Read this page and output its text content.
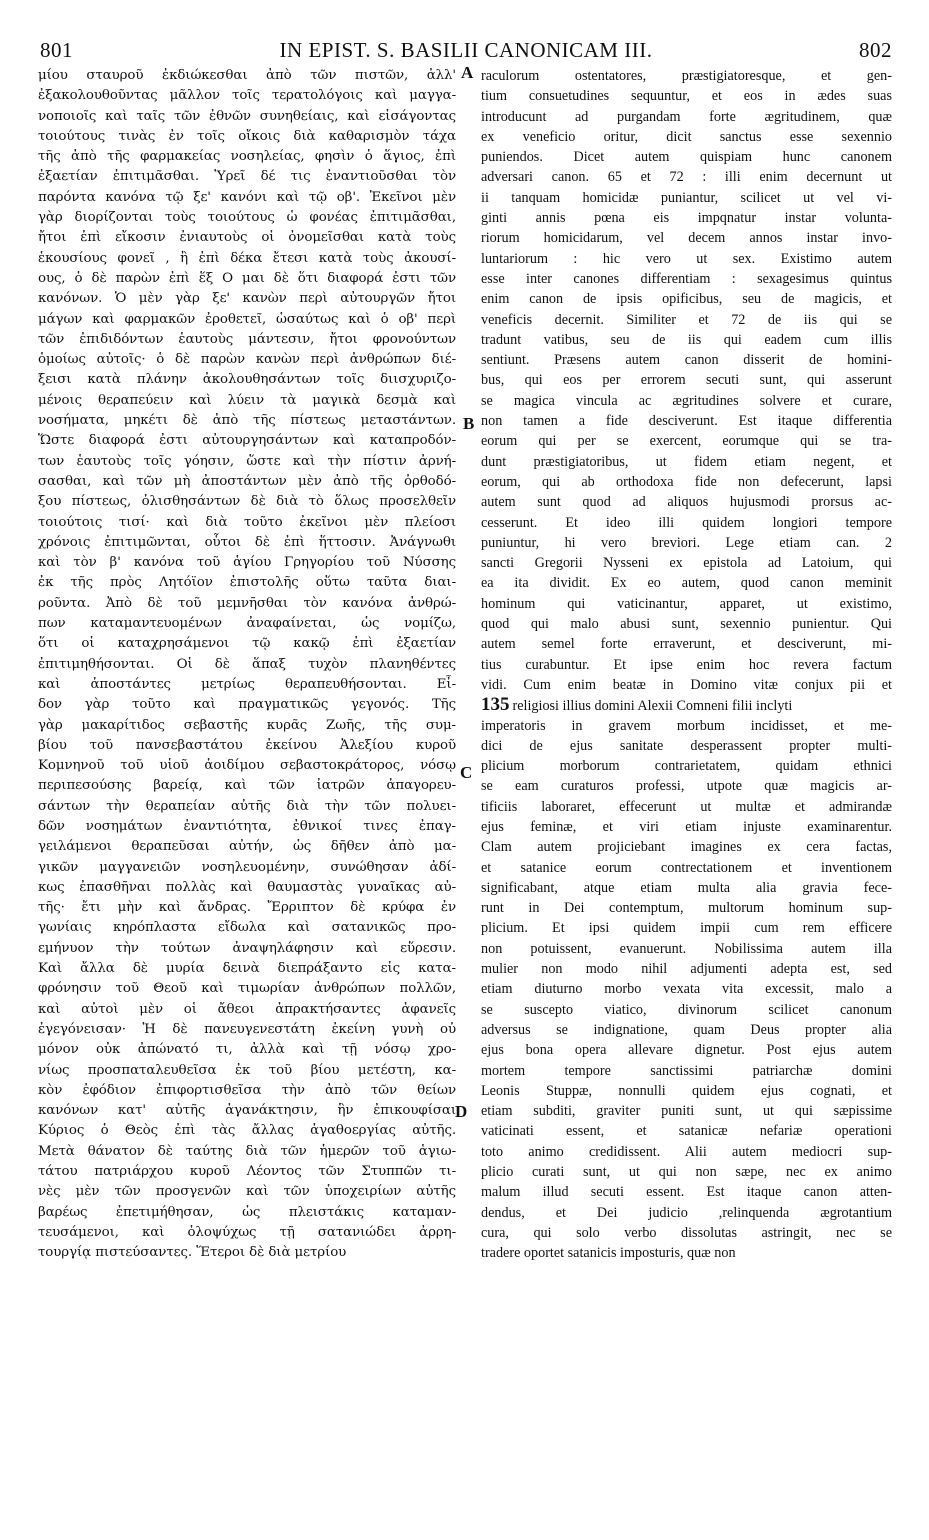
801	IN EPIST. S. BASILII CANONICAM III.	802
μίου σταυροῦ ἐκδιώκεσθαι ἀπὸ τῶν πιστῶν, ἀλλ'
ἐξακολουθοῦντας μᾶλλον τοῖς τερατολόγοις καὶ μαγγα-
νοποιοῖς καὶ ταῖς τῶν ἐθνῶν συνηθείαις, καὶ εἰσάγοντας
τοιούτους τινὰς ἐν τοῖς οἴκοις διὰ καθαρισμὸν τάχα
τῆς ἀπὸ τῆς φαρμακείας νοσηλείας, φησὶν ὁ ἅγιος, ἐπὶ
ἐξαετίαν ἐπιτιμᾶσθαι. Ὑρεῖ δέ τις ἐναντιοῦσθαι τὸν
παρόντα κανόνα τῷ ξε' κανόνι καὶ τῷ οβ'. Ἐκεῖνοι μὲν
γὰρ διορίζονται τοὺς τοιούτους ὡ φονέας ἐπιτιμᾶσθαι,
ἤτοι ἐπὶ εἴκοσιν ἐνιαυτοὺς οἱ ὀνομεῖσθαι κατὰ τοὺς
ἑκουσίους φονεῖ , ἢ ἐπὶ δέκα ἔτεσι κατὰ τοὺς ἀκουσί-
ους, ὁ δὲ παρὼν ἐπὶ ἕξ Ο μαι δὲ ὅτι διαφορά ἐστι τῶν
κανόνων. Ὁ μὲν γὰρ ξε' κανὼν περὶ αὐτουργῶν ἤτοι
μάγων καὶ φαρμακῶν ἐροθετεῖ, ὡσαύτως καὶ ὁ οβ' περὶ
τῶν ἐπιδιδόντων ἑαυτοὺς μάντεσιν, ἤτοι φρονούντων
ὁμοίως αὐτοῖς· ὁ δὲ παρὼν κανὼν περὶ ἀνθρώπων διέ-
ξεισι κατὰ πλάνην ἀκολουθησάντων τοῖς διισχυριζο-
μένοις θεραπεύειν καὶ λύειν τὰ μαγικὰ δεσμὰ καὶ
νοσήματα, μηκέτι δὲ ἀπὸ τῆς πίστεως μεταστάντων.
Ὥστε διαφορά ἐστι αὐτουργησάντων καὶ καταπροδόν-
των ἑαυτοὺς τοῖς γόησιν, ὥστε καὶ τὴν πίστιν ἀρνή-
σασθαι, καὶ τῶν μὴ ἀποστάντων μὲν ἀπὸ τῆς ὀρθοδό-
ξου πίστεως, ὀλισθησάντων δὲ διὰ τὸ ὅλως προσελθεῖν
τοιούτοις τισί· καὶ διὰ τοῦτο ἐκεῖνοι μὲν πλείοσι
χρόνοις ἐπιτιμῶνται, οὗτοι δὲ ἐπὶ ἥττοσιν. Ἀνάγνωθι
καὶ τὸν β' κανόνα τοῦ ἁγίου Γρηγορίου τοῦ Νύσσης
ἐκ τῆς πρὸς Λητόϊον ἐπιστολῆς οὕτω ταῦτα διαι-
ροῦντα. Ἀπὸ δὲ τοῦ μεμνῆσθαι τὸν κανόνα ἀνθρώ-
πων καταμαντευομένων ἀναφαίνεται, ὡς νομίζω,
ὅτι οἱ καταχρησάμενοι τῷ κακῷ ἐπὶ ἐξαετίαν
ἐπιτιμηθήσονται. Οἱ δὲ ἅπαξ τυχὸν πλανηθέντες
καὶ ἀποστάντες μετρίως θεραπευθήσονται. Εἶ-
δον γὰρ τοῦτο καὶ πραγματικῶς γεγονός. Τῆς
γὰρ μακαρίτιδος σεβαστῆς κυρᾶς Ζωῆς, τῆς συμ-
βίου τοῦ πανσεβαστάτου ἐκείνου Ἀλεξίου κυροῦ
Κομνηνοῦ τοῦ υἱοῦ ἀοιδίμου σεβαστοκράτορος, νόσῳ
περιπεσούσης βαρείᾳ, καὶ τῶν ἰατρῶν ἀπαγορευ-
σάντων τὴν θεραπείαν αὐτῆς διὰ τὴν τῶν πολυει-
δῶν νοσημάτων ἐναντιότητα, ἐθνικοί τινες ἐπαγ-
γειλάμενοι θεραπεῦσαι αὐτήν, ὡς δῆθεν ἀπὸ μα-
γικῶν μαγγανειῶν νοσηλευομένην, συνώθησαν ἀδί-
κως ἐπασθῆναι πολλὰς καὶ θαυμαστὰς γυναῖκας αὐ-
τῆς· ἔτι μὴν καὶ ἄνδρας. Ἔρριπτον δὲ κρύφα ἐν
γωνίαις κηρόπλαστα εἴδωλα καὶ σατανικῶς προ-
εμήνυον τὴν τούτων ἀναψηλάφησιν καὶ εὕρεσιν.
Καὶ ἄλλα δὲ μυρία δεινὰ διεπράξαντο εἰς κατα-
φρόνησιν τοῦ Θεοῦ καὶ τιμωρίαν ἀνθρώπων πολλῶν,
καὶ αὐτοὶ μὲν οἱ ἄθεοι ἀπρακτήσαντες ἀφανεῖς
ἐγεγόνεισαν· Ἡ δὲ πανευγενεστάτη ἐκείνη γυνὴ οὐ
μόνον οὐκ ἀπώνατό τι, ἀλλὰ καὶ τῇ νόσῳ χρο-
νίως προσπαταλευθεῖσα ἐκ τοῦ βίου μετέστη, κα-
κὸν ἐφόδιον ἐπιφορτισθεῖσα τὴν ἀπὸ τῶν θείων
κανόνων κατ' αὐτῆς ἀγανάκτησιν, ἣν ἐπικουφίσαι
Κύριος ὁ Θεὸς ἐπὶ τὰς ἄλλας ἀγαθοεργίας αὐτῆς.
Μετὰ θάνατον δὲ ταύτης διὰ τῶν ἡμερῶν τοῦ ἁγιω-
τάτου πατριάρχου κυροῦ Λέοντος τῶν Στυππῶν τι-
νὲς μὲν τῶν προσγενῶν καὶ τῶν ὑποχειρίων αὐτῆς
βαρέως ἐπετιμήθησαν, ὡς πλειστάκις καταμαν-
τευσάμενοι, καὶ ὁλοψύχως τῇ σατανιώδει ἀρρη-
τουργίᾳ πιστεύσαντες. Ἕτεροι δὲ διὰ μετρίου
raculorum ostentatores, præstigiatoresque, et gen-
tium consuetudines sequuntur, et eos in ædes suas
introducunt ad purgandam forte ægritudinem, quæ
ex veneficio oritur, dicit sanctus esse sexennio
puniendos. Dicet autem quispiam hunc canonem
adversari canon. 65 et 72 : illi enim decernunt ut
ii tanquam homicidæ puniantur, scilicet ut vel vi-
ginti annis pœna eis impqnatur instar volunta-
riorum homicidarum, vel decem annos instar invo-
luntariorum : hic vero ut sex. Existimo autem
esse inter canones differentiam : sexagesimus quintus
enim canon de ipsis opificibus, seu de magicis, et
veneficis decernit. Similiter et 72 de iis qui se
tradunt vatibus, seu de iis qui eadem cum illis
sentiunt. Præsens autem canon disserit de homini-
bus, qui eos per errorem secuti sunt, qui asserunt
se magica vincula ac ægritudines solvere et curare,
non tamen a fide desciverunt. Est itaque differentia
eorum qui per se exercent, eorumque qui se tra-
dunt præstigiatoribus, ut fidem etiam negent, et
eorum, qui ab orthodoxa fide non defecerunt, lapsi
autem sunt quod ad aliquos hujusmodi prorsus ac-
cesserunt. Et ideo illi quidem longiori tempore
puniuntur, hi vero breviori. Lege etiam can. 2
sancti Gregorii Nysseni ex epistola ad Latoium, qui
ea ita dividit. Ex eo autem, quod canon meminit
hominum qui vaticinantur, apparet, ut existimo,
quod qui malo abusi sunt, sexennio punientur. Qui
autem semel forte erraverunt, et desciverunt, mi-
tius curabuntur. Et ipse enim hoc revera factum
vidi. Cum enim beatæ in Domino vitæ conjux pii et
135 religiosi illius domini Alexii Comneni filii inclyti
imperatoris in gravem morbum incidisset, et me-
dici de ejus sanitate desperassent propter multi-
plicium morborum contrarietatem, quidam ethnici
se eam curaturos professi, utpote quæ magicis ar-
tificiis laboraret, effecerunt ut multæ et admirandæ
ejus feminæ, et viri etiam injuste examinarentur.
Clam autem projiciebant imagines ex cera factas,
et satanice eorum contrectationem et inventionem
significabant, atque etiam multa alia gravia fece-
runt in Dei contemptum, multorum hominum sup-
plicium. Et ipsi quidem impii cum rem efficere
non potuissent, evanuerunt. Nobilissima autem illa
mulier non modo nihil adjumenti adepta est, sed
etiam diuturno morbo vexata vita excessit, malo a
se suscepto viatico, divinorum scilicet canonum
adversus se indignatione, quam Deus propter alia
ejus bona opera allevare dignetur. Post ejus autem
mortem tempore sanctissimi patriarchæ domini
Leonis Stuppæ, nonnulli quidem ejus cognati, et
etiam subditi, graviter puniti sunt, ut qui sæpissime
vaticinati essent, et satanicæ nefariæ operationi
toto animo credidissent. Alii autem mediocri sup-
plicio curati sunt, ut qui non sæpe, nec ex animo
malum illud secuti essent. Est itaque canon atten-
dendus, et Dei judicio ,relinquenda ægrotantium
cura, qui solo verbo dissolutas astringit, nec se
tradere oportet satanicis imposturis, quæ non
A
B
C
D
